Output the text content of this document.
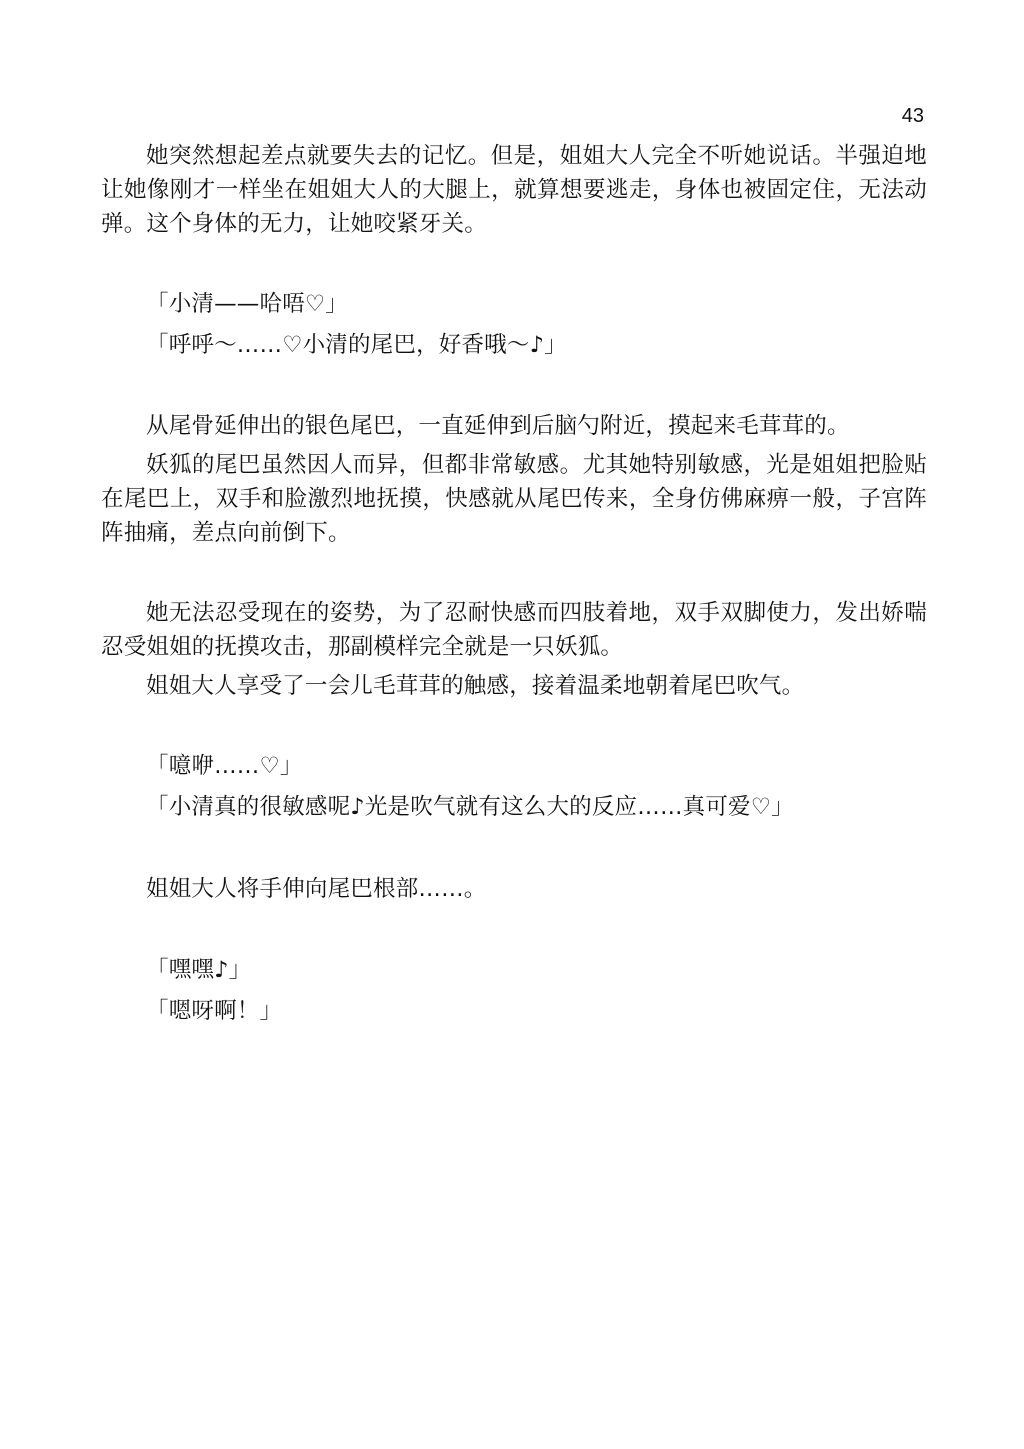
43

她突然想起差点就要失去的记忆。但是，姐姐大人完全不听她说话。半强迫地让她像刚才一样坐在姐姐大人的大腿上，就算想要逃走，身体也被固定住，无法动弹。这个身体的无力，让她咬紧牙关。

「小清——哈唔♡」

「呼呼～……♡小清的尾巴，好香哦～♪」

从尾骨延伸出的银色尾巴，一直延伸到后脑勺附近，摸起来毛茸茸的。

妖狐的尾巴虽然因人而异，但都非常敏感。尤其她特别敏感，光是姐姐把脸贴在尾巴上，双手和脸激烈地抚摸，快感就从尾巴传来，全身仿佛麻痹一般，子宫阵阵抽痛，差点向前倒下。

她无法忍受现在的姿势，为了忍耐快感而四肢着地，双手双脚使力，发出娇喘忍受姐姐的抚摸攻击，那副模样完全就是一只妖狐。

姐姐大人享受了一会儿毛茸茸的触感，接着温柔地朝着尾巴吹气。

「噫咿……♡」

「小清真的很敏感呢♪光是吹气就有这么大的反应……真可爱♡」

姐姐大人将手伸向尾巴根部……。

「嘿嘿♪」

「嗯呀啊！」
